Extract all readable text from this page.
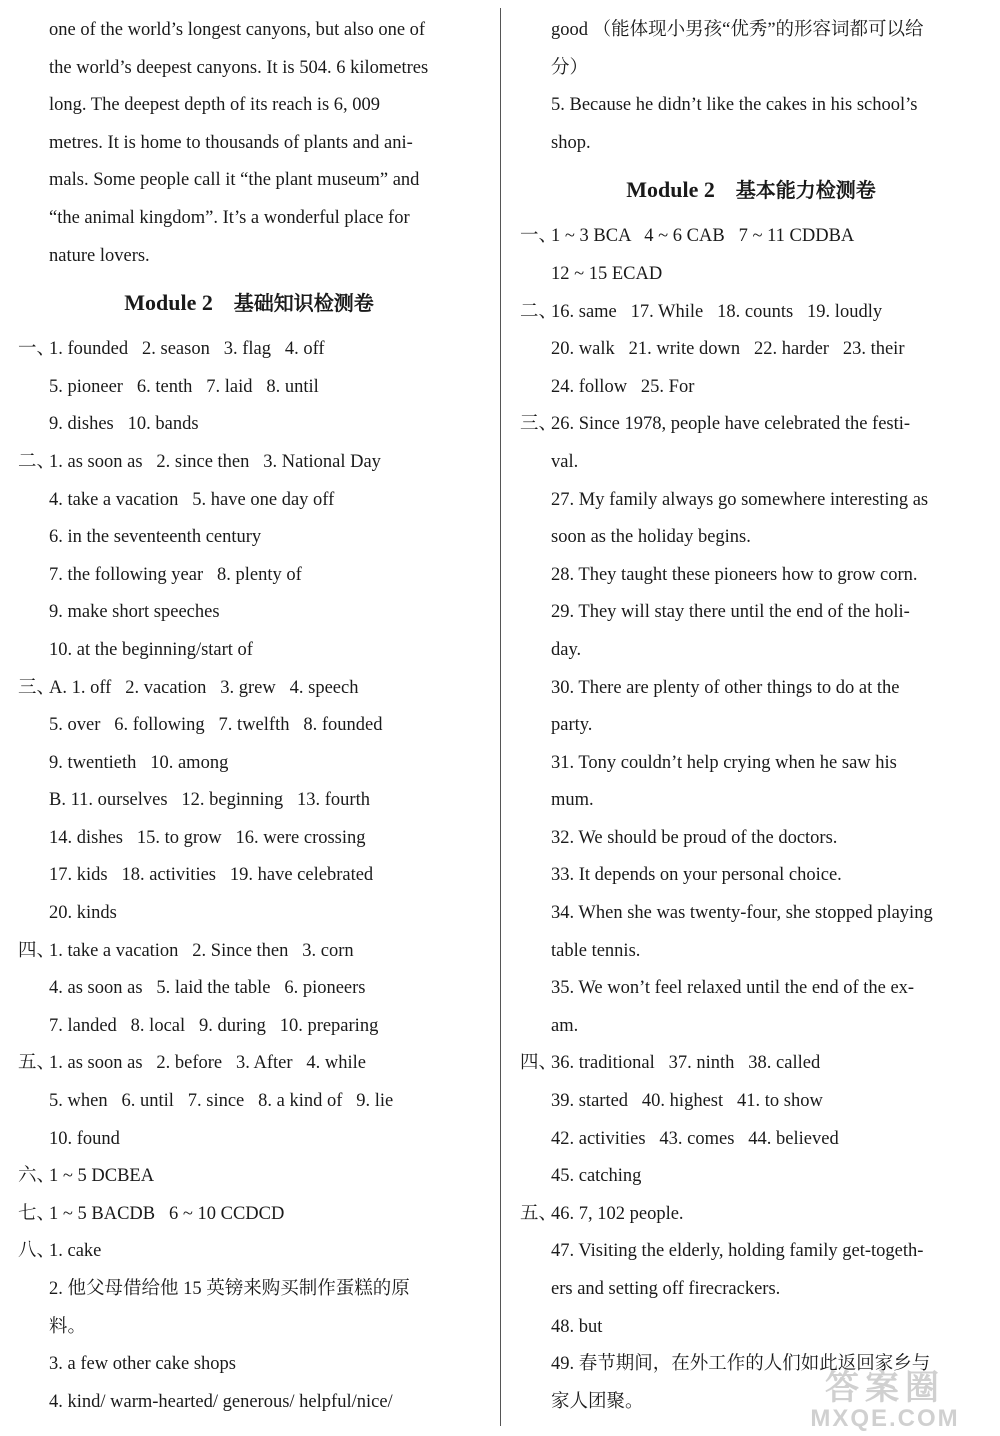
one of the world’s longest canyons, but also one of
the world’s deepest canyons. It is 504. 6 kilometres
long. The deepest depth of its reach is 6, 009
metres. It is home to thousands of plants and ani-
mals. Some people call it “the plant museum” and
“the animal kingdom”. It’s a wonderful place for
nature lovers.
Module 2 基础知识检测卷
一、1. founded   2. season   3. flag   4. off
5. pioneer   6. tenth   7. laid   8. until
9. dishes   10. bands
二、1. as soon as   2. since then   3. National Day
4. take a vacation   5. have one day off
6. in the seventeenth century
7. the following year   8. plenty of
9. make short speeches
10. at the beginning/start of
三、A. 1. off   2. vacation   3. grew   4. speech
5. over   6. following   7. twelfth   8. founded
9. twentieth   10. among
B. 11. ourselves   12. beginning   13. fourth
14. dishes   15. to grow   16. were crossing
17. kids   18. activities   19. have celebrated
20. kinds
四、1. take a vacation   2. Since then   3. corn
4. as soon as   5. laid the table   6. pioneers
7. landed   8. local   9. during   10. preparing
五、1. as soon as   2. before   3. After   4. while
5. when   6. until   7. since   8. a kind of   9. lie
10. found
六、1 ~ 5 DCBEA
七、1 ~ 5 BACDB   6 ~ 10 CCDCD
八、1. cake
2. 他父母借给他 15 英镑来购买制作蛋糕的原
料。
3. a few other cake shops
4. kind/ warm-hearted/ generous/ helpful/nice/
good （能体现小男孩“优秀”的形容词都可以给
分）
5. Because he didn’t like the cakes in his school’s
shop.
Module 2 基本能力检测卷
一、1 ~ 3 BCA   4 ~ 6 CAB   7 ~ 11 CDDBA
12 ~ 15 ECAD
二、16. same   17. While   18. counts   19. loudly
20. walk   21. write down   22. harder   23. their
24. follow   25. For
三、26. Since 1978, people have celebrated the festi-
val.
27. My family always go somewhere interesting as
soon as the holiday begins.
28. They taught these pioneers how to grow corn.
29. They will stay there until the end of the holi-
day.
30. There are plenty of other things to do at the
party.
31. Tony couldn’t help crying when he saw his
mum.
32. We should be proud of the doctors.
33. It depends on your personal choice.
34. When she was twenty-four, she stopped playing
table tennis.
35. We won’t feel relaxed until the end of the ex-
am.
四、36. traditional   37. ninth   38. called
39. started   40. highest   41. to show
42. activities   43. comes   44. believed
45. catching
五、46. 7, 102 people.
47. Visiting the elderly, holding family get-togeth-
ers and setting off firecrackers.
48. but
49. 春节期间，在外工作的人们如此返回家乡与
家人团聚。	答案圈
MXQE.COM
